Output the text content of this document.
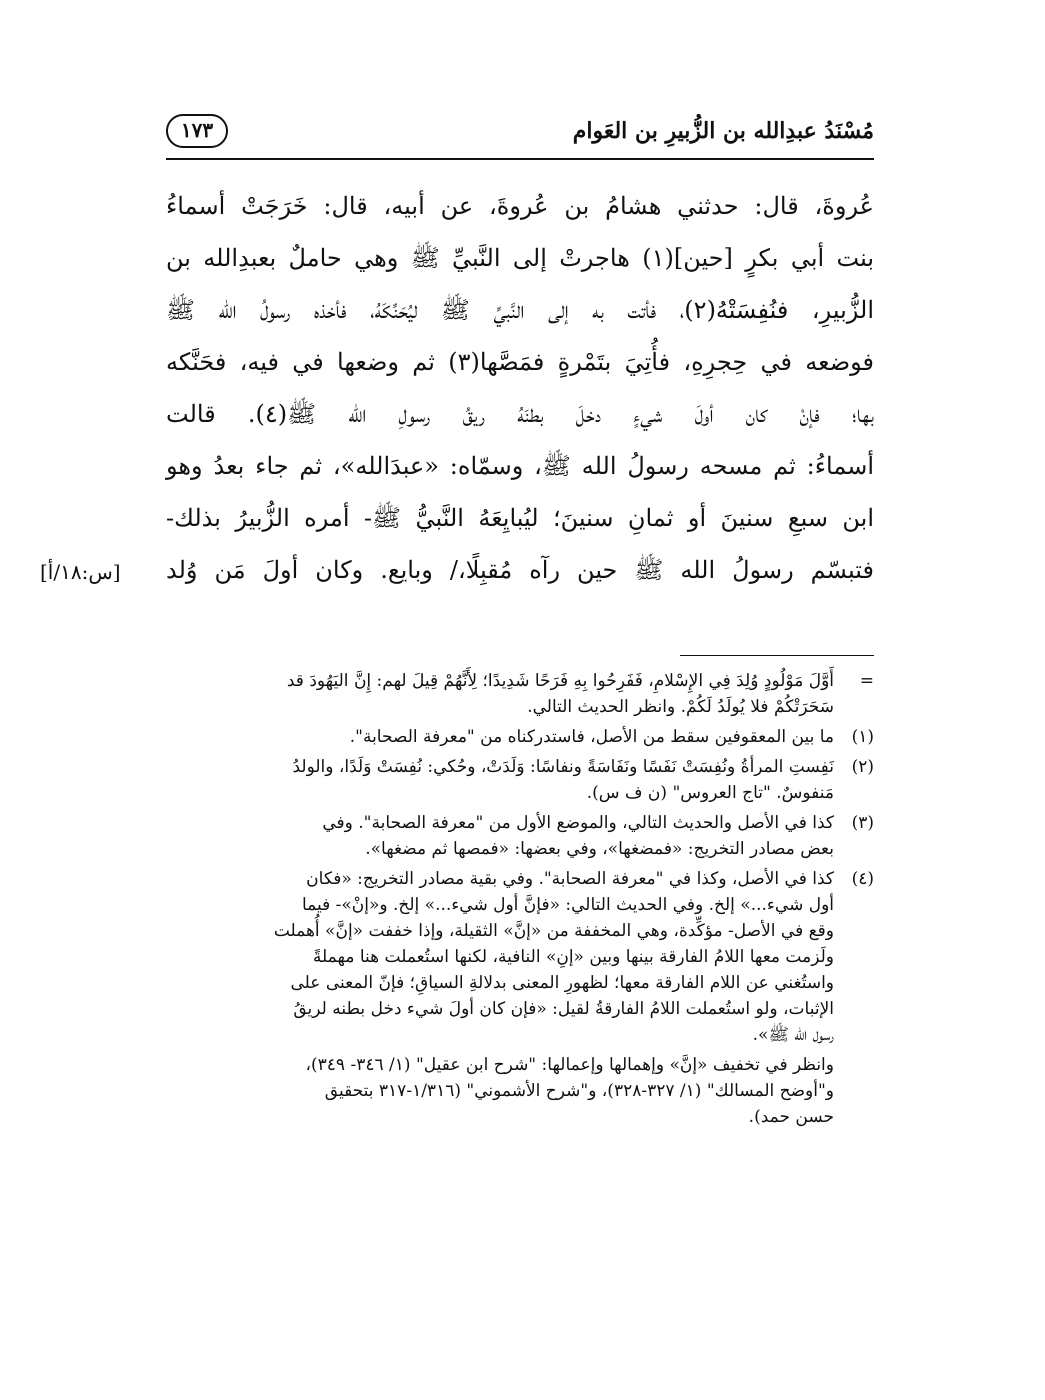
مُسْنَدُ عبدِالله بن الزُّبيرِ بن العَوام
١٧٣
عُروةَ، قال: حدثني هشامُ بن عُروةَ، عن أبيه، قال: خَرَجَتْ أسماءُ
بنت أبي بكرٍ [حين](١) هاجرتْ إلى النَّبيِّ ﷺ وهي حاملٌ بعبدِالله بن
الزُّبيرِ، فنُفِسَتْهُ(٢)، فأتت به إلى النَّبيِّ ﷺ ليُحَنِّكَهُ، فأخذه رسولُ الله ﷺ
فوضعه في حِجرِهِ، فأُتِيَ بتَمْرةٍ فمَصَّها(٣) ثم وضعها في فيه، فحَنَّكه
بها؛ فإنْ كان أولَ شيءٍ دخلَ بطنَهُ ريقُ رسولِ الله ﷺ(٤). قالت
أسماءُ: ثم مسحه رسولُ الله ﷺ، وسمّاه: «عبدَالله»، ثم جاء بعدُ وهو
ابن سبعِ سنينَ أو ثمانِ سنينَ؛ ليُبايِعَهُ النَّبيُّ ﷺ- أمره الزُّبيرُ بذلك-
فتبسّم رسولُ الله ﷺ حين رآه مُقبِلًا،/ وبايع. وكان أولَ مَن وُلد
[س:١٨/أ]
=
أَوَّلَ مَوْلُودٍ وُلِدَ فِي الإِسْلامِ، فَفَرِحُوا بِهِ فَرَحًا شَدِيدًا؛ لِأَنَّهُمْ قِيلَ لهم: إِنَّ اليَهُودَ قد
سَحَرَتْكُمْ فلا يُولَدُ لَكُمْ. وانظر الحديث التالي.
(١)
ما بين المعقوفين سقط من الأصل، فاستدركناه من "معرفة الصحابة".
(٢)
نَفِستِ المرأةُ ونُفِسَتْ نَفَسًا ونَفَاسَةً ونفاسًا: وَلَدَتْ، وحُكي: نُفِسَتْ وَلَدًا، والولدُ
مَنفوسٌ. "تاج العروس" (ن ف س).
(٣)
كذا في الأصل والحديث التالي، والموضع الأول من "معرفة الصحابة". وفي
بعض مصادر التخريج: «فمضغها»، وفي بعضها: «فمصها ثم مضغها».
(٤)
كذا في الأصل، وكذا في "معرفة الصحابة". وفي بقية مصادر التخريج: «فكان
أول شيء...» إلخ. وفي الحديث التالي: «فإنَّ أول شيء...» إلخ. و«إنْ»- فيما
وقع في الأصل- مؤكِّدة، وهي المخففة من «إنَّ» الثقيلة، وإذا خففت «إنَّ» أُهملت
ولَزمت معها اللامُ الفارقة بينها وبين «إنِ» النافية، لكنها استُعملت هنا مهملةً
واستُغني عن اللام الفارقة معها؛ لظهورِ المعنى بدلالةِ السياقِ؛ فإنّ المعنى على
الإثبات، ولو استُعملت اللامُ الفارقةُ لقيل: «فإن كان أولَ شيء دخل بطنه لريقُ
رسول الله ﷺ».
وانظر في تخفيف «إنَّ» وإهمالها وإعمالها: "شرح ابن عقيل" (١/ ٣٤٦- ٣٤٩)،
و"أوضح المسالك" (١/ ٣٢٧-٣٢٨)، و"شرح الأشموني" (١/٣١٦-٣١٧ بتحقيق
حسن حمد).
